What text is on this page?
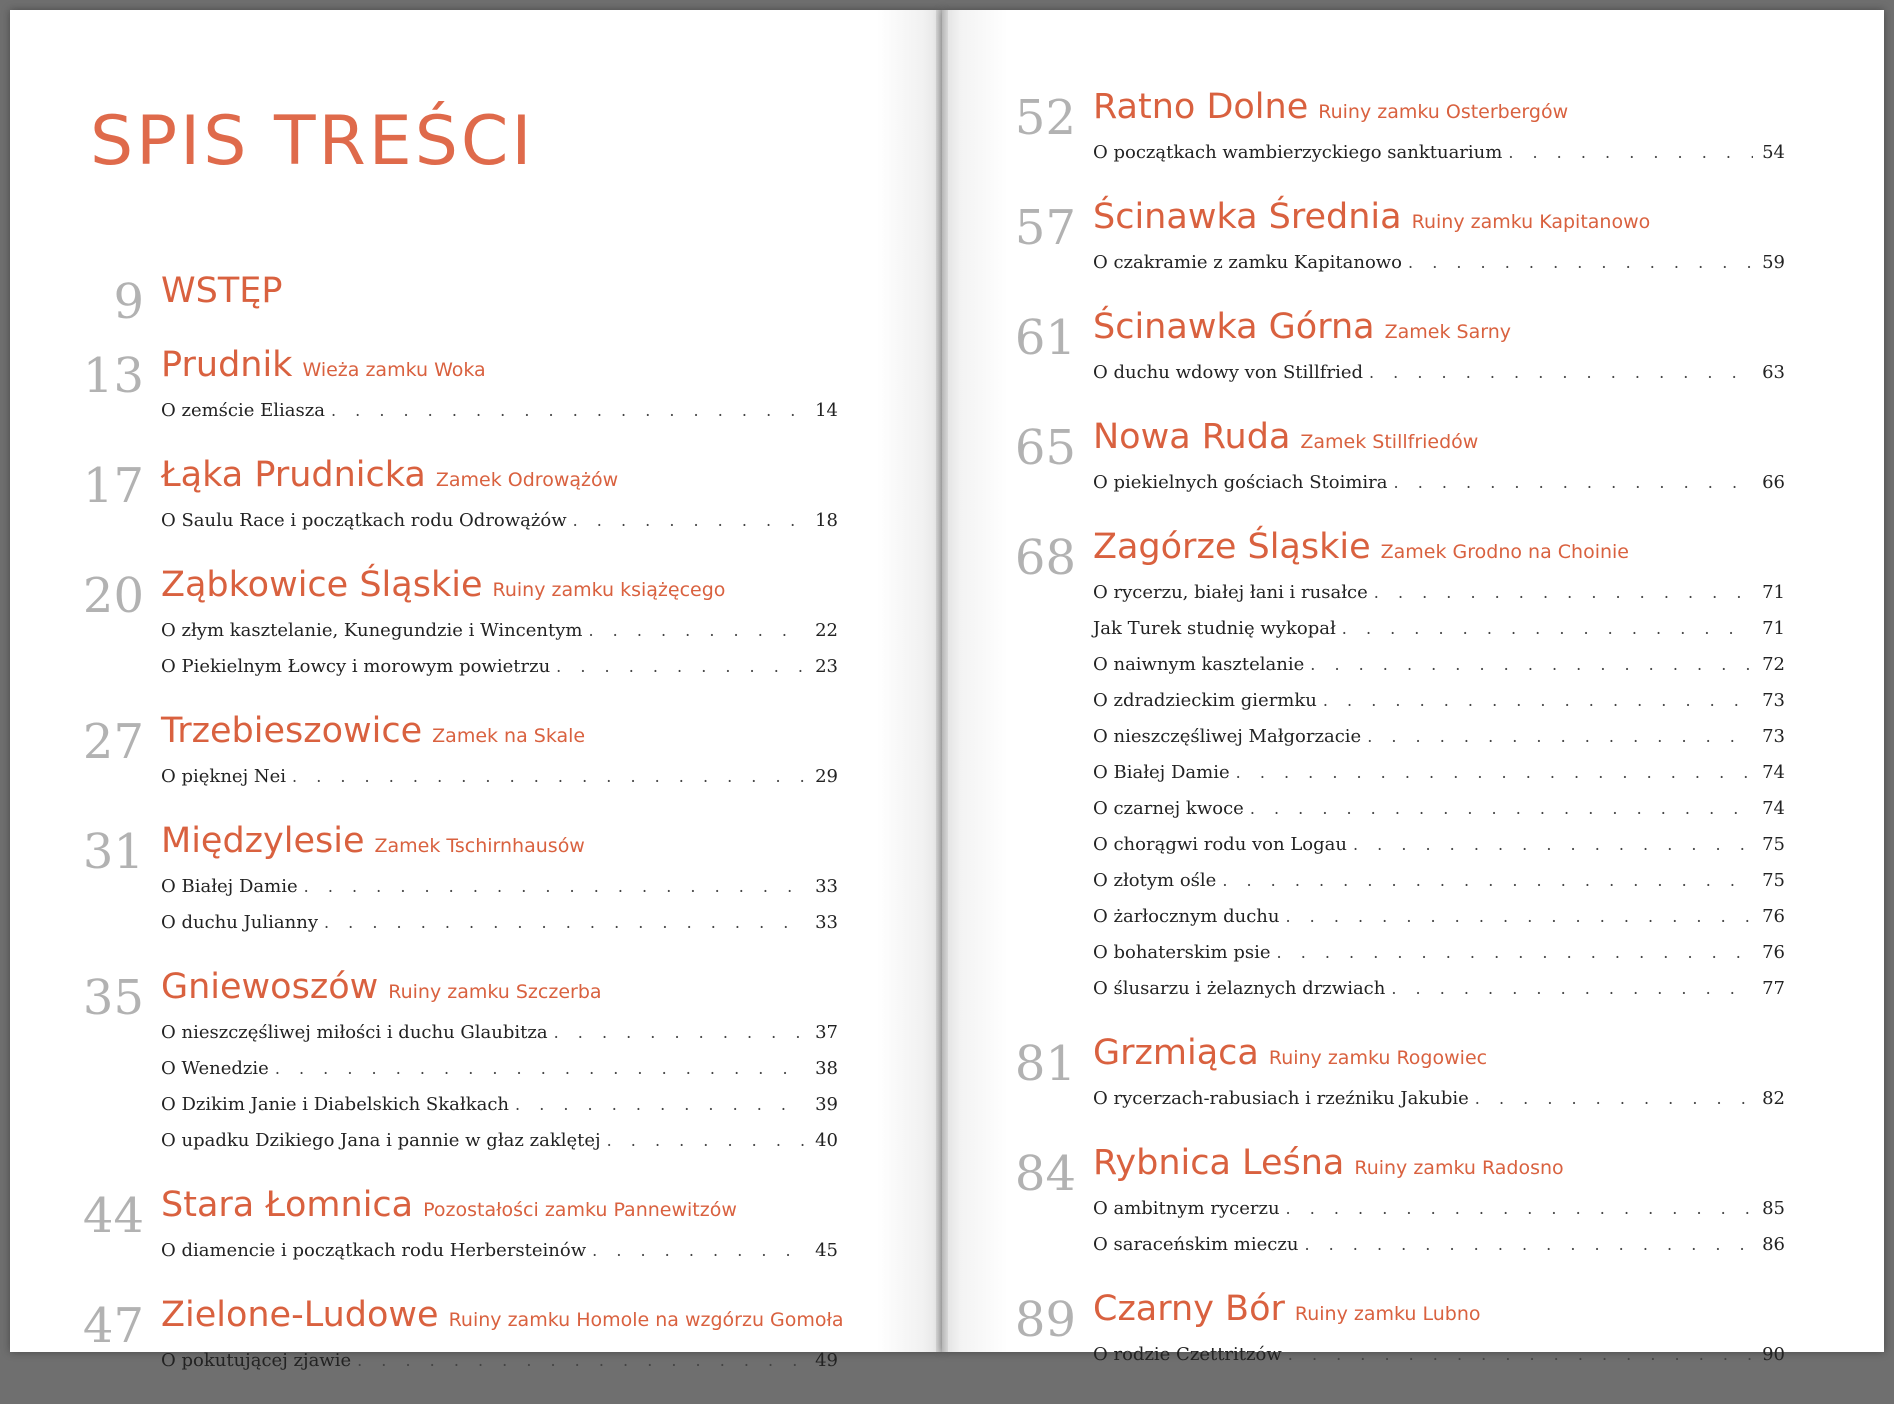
SPIS TREŚCI
9 WSTĘP
13 Prudnik Wieża zamku Woka
O zemście Eliasza . . .	14
17 Łąka Prudnicka Zamek Odrowążów
O Saulu Race i początkach rodu Odrowążów . . .	18
20 Ząbkowice Śląskie Ruiny zamku książęcego
O złym kasztelanie, Kunegundzie i Wincentym . . .	22
O Piekielnym Łowcy i morowym powietrzu . . .	23
27 Trzebieszowice Zamek na Skale
O pięknej Nei . . .	29
31 Międzylesie Zamek Tschirnhausów
O Białej Damie . . .	33
O duchu Julianny . . .	33
35 Gniewoszów Ruiny zamku Szczerba
O nieszczęśliwej miłości i duchu Glaubitza . . .	37
O Wenedzie . . .	38
O Dzikim Janie i Diabelskich Skałkach . . .	39
O upadku Dzikiego Jana i pannie w głaz zaklętej . . .	40
44 Stara Łomnica Pozostałości zamku Pannewitzów
O diamencie i początkach rodu Herbersteinów . . .	45
47 Zielone-Ludowe Ruiny zamku Homole na wzgórzu Gomoła
O pokutującej zjawie . . .	49
52 Ratno Dolne Ruiny zamku Osterbergów
O początkach wambierzyckiego sanktuarium . . .	54
57 Ścinawka Średnia Ruiny zamku Kapitanowo
O czakramie z zamku Kapitanowo . . .	59
61 Ścinawka Górna Zamek Sarny
O duchu wdowy von Stillfried . . .	63
65 Nowa Ruda Zamek Stillfriedów
O piekielnych gościach Stoimira . . .	66
68 Zagórze Śląskie Zamek Grodno na Choinie
O rycerzu, białej łani i rusałce . . .	71
Jak Turek studnię wykopał . . .	71
O naiwnym kasztelanie . . .	72
O zdradzieckim giermku . . .	73
O nieszczęśliwej Małgorzacie . . .	73
O Białej Damie . . .	74
O czarnej kwoce . . .	74
O chorągwi rodu von Logau . . .	75
O złotym ośle . . .	75
O żarłocznym duchu . . .	76
O bohaterskim psie . . .	76
O ślusarzu i żelaznych drzwiach . . .	77
81 Grzmiąca Ruiny zamku Rogowiec
O rycerzach-rabusiach i rzeźniku Jakubie . . .	82
84 Rybnica Leśna Ruiny zamku Radosno
O ambitnym rycerzu . . .	85
O saraceńskim mieczu . . .	86
89 Czarny Bór Ruiny zamku Lubno
O rodzie Czettritzów . . .	90
